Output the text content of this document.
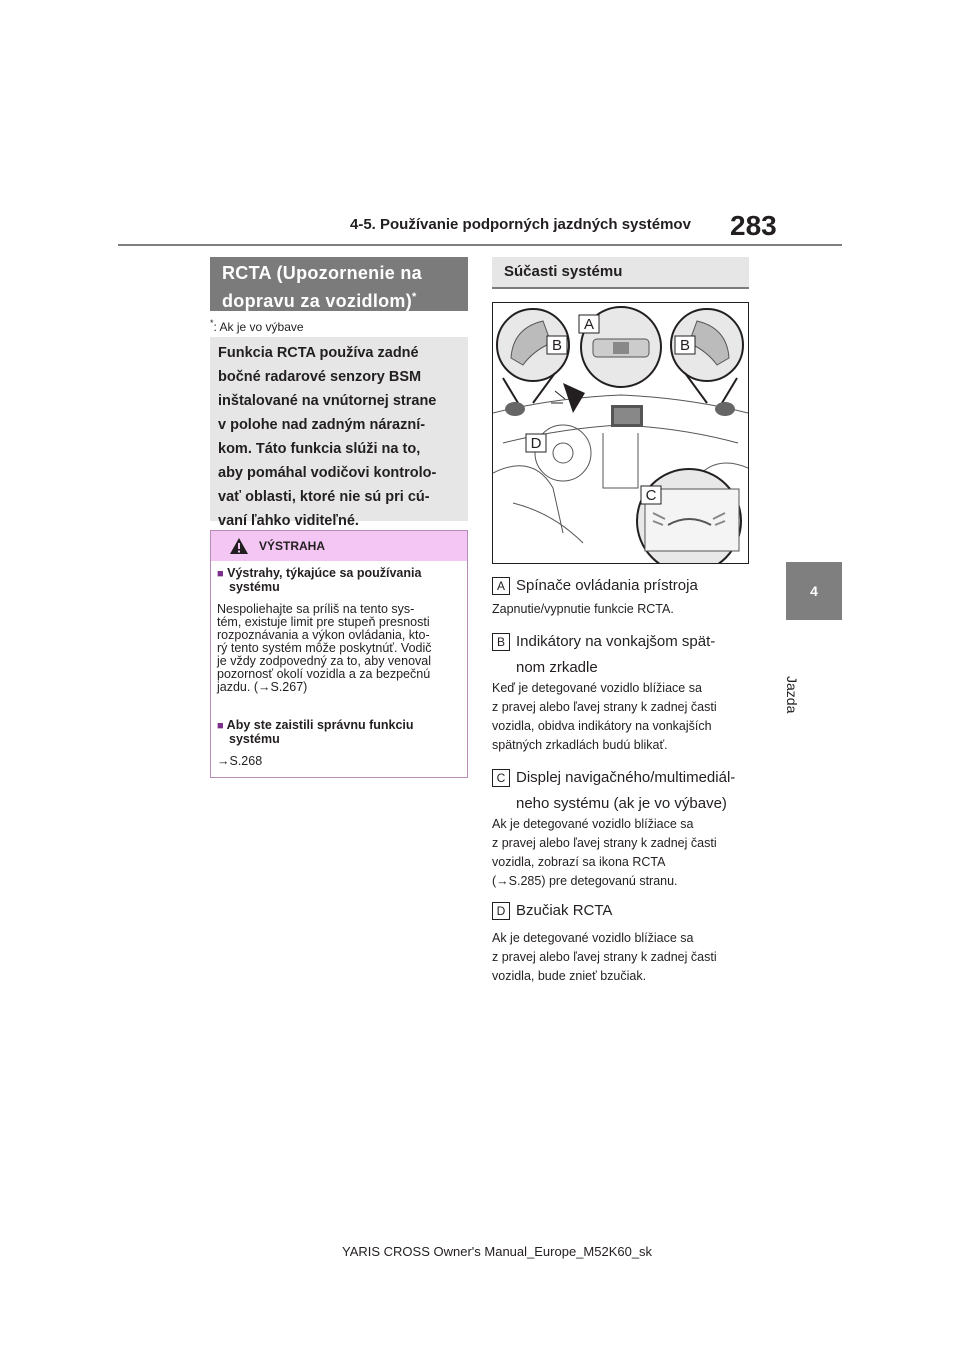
4-5. Používanie podporných jazdných systémov 283
4
Jazda
RCTA (Upozornenie na
dopravu za vozidlom)*
*: Ak je vo výbave
Funkcia RCTA používa zadné
bočné radarové senzory BSM
inštalované na vnútornej strane
v polohe nad zadným nárazní-
kom. Táto funkcia slúži na to,
aby pomáhal vodičovi kontrolo-
vať oblasti, ktoré nie sú pri cú-
vaní ľahko viditeľné.
VÝSTRAHA
■ Výstrahy, týkajúce sa používania
systému
Nespoliehajte sa príliš na tento sys-
tém, existuje limit pre stupeň presnosti
rozpoznávania a výkon ovládania, kto-
rý tento systém môže poskytnúť. Vodič
je vždy zodpovedný za to, aby venoval
pozornosť okolí vozidla a za bezpečnú
jazdu. (→S.267)
■ Aby ste zaistili správnu funkciu
systému
→S.268
Súčasti systému
A
B	B
D
C
A Spínače ovládania prístroja
Zapnutie/vypnutie funkcie RCTA.
B Indikátory na vonkajšom spät-
nom zrkadle
Keď je detegované vozidlo blížiace sa
z pravej alebo ľavej strany k zadnej časti
vozidla, obidva indikátory na vonkajších
spätných zrkadlách budú blikať.
C Displej navigačného/multimediál-
neho systému (ak je vo výbave)
Ak je detegované vozidlo blížiace sa
z pravej alebo ľavej strany k zadnej časti
vozidla, zobrazí sa ikona RCTA
(→S.285) pre detegovanú stranu.
D Bzučiak RCTA
Ak je detegované vozidlo blížiace sa
z pravej alebo ľavej strany k zadnej časti
vozidla, bude znieť bzučiak.
YARIS CROSS Owner's Manual_Europe_M52K60_sk
